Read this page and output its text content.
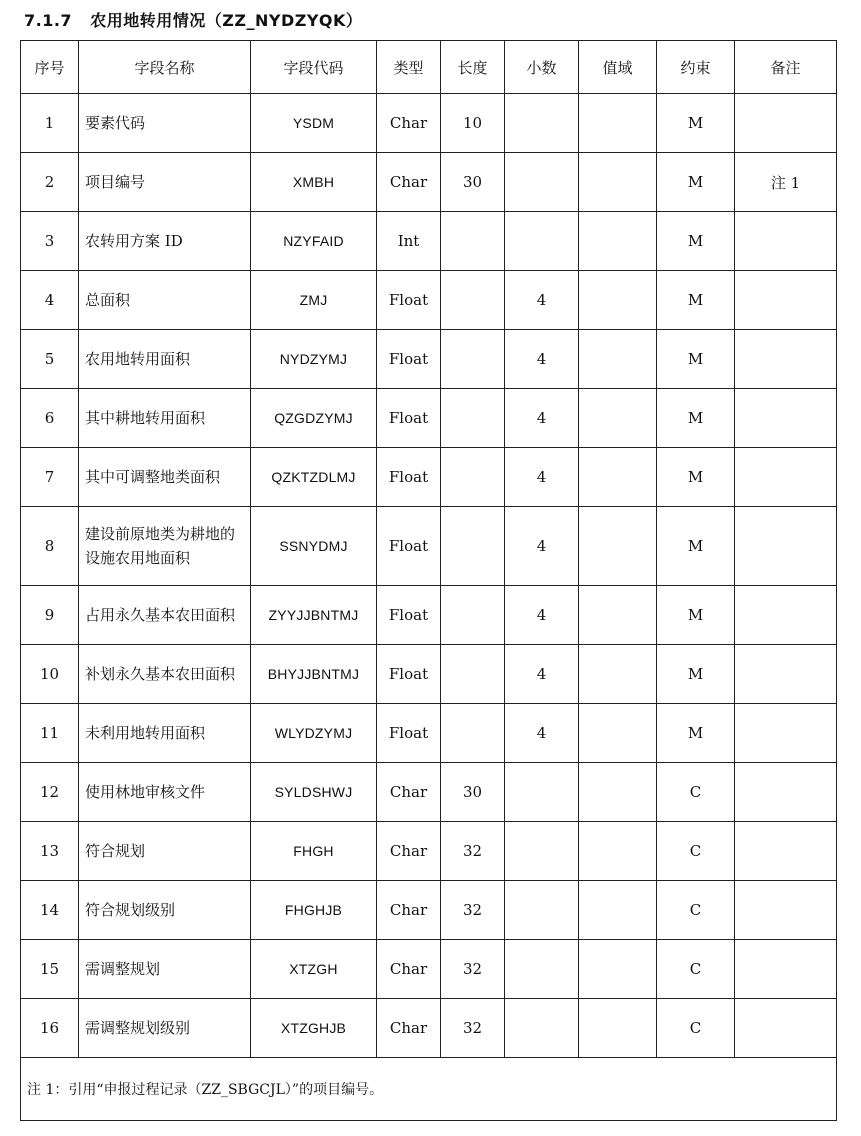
7.1.7 农用地转用情况（ZZ_NYDZYQK）
序号	字段名称	字段代码	类型	长度	小数	值域	约束	备注
1	要素代码	YSDM	Char	10			M	
2	项目编号	XMBH	Char	30			M	注 1
3	农转用方案 ID	NZYFAID	Int				M	
4	总面积	ZMJ	Float		4		M	
5	农用地转用面积	NYDZYMJ	Float		4		M	
6	其中耕地转用面积	QZGDZYMJ	Float		4		M	
7	其中可调整地类面积	QZKTZDLMJ	Float		4		M	
8	建设前原地类为耕地的设施农用地面积	SSNYDMJ	Float		4		M	
9	占用永久基本农田面积	ZYYJJBNTMJ	Float		4		M	
10	补划永久基本农田面积	BHYJJBNTMJ	Float		4		M	
11	未利用地转用面积	WLYDZYMJ	Float		4		M	
12	使用林地审核文件	SYLDSHWJ	Char	30			C	
13	符合规划	FHGH	Char	32			C	
14	符合规划级别	FHGHJB	Char	32			C	
15	需调整规划	XTZGH	Char	32			C	
16	需调整规划级别	XTZGHJB	Char	32			C	
注 1：引用“申报过程记录（ZZ_SBGCJL）”的项目编号。								
